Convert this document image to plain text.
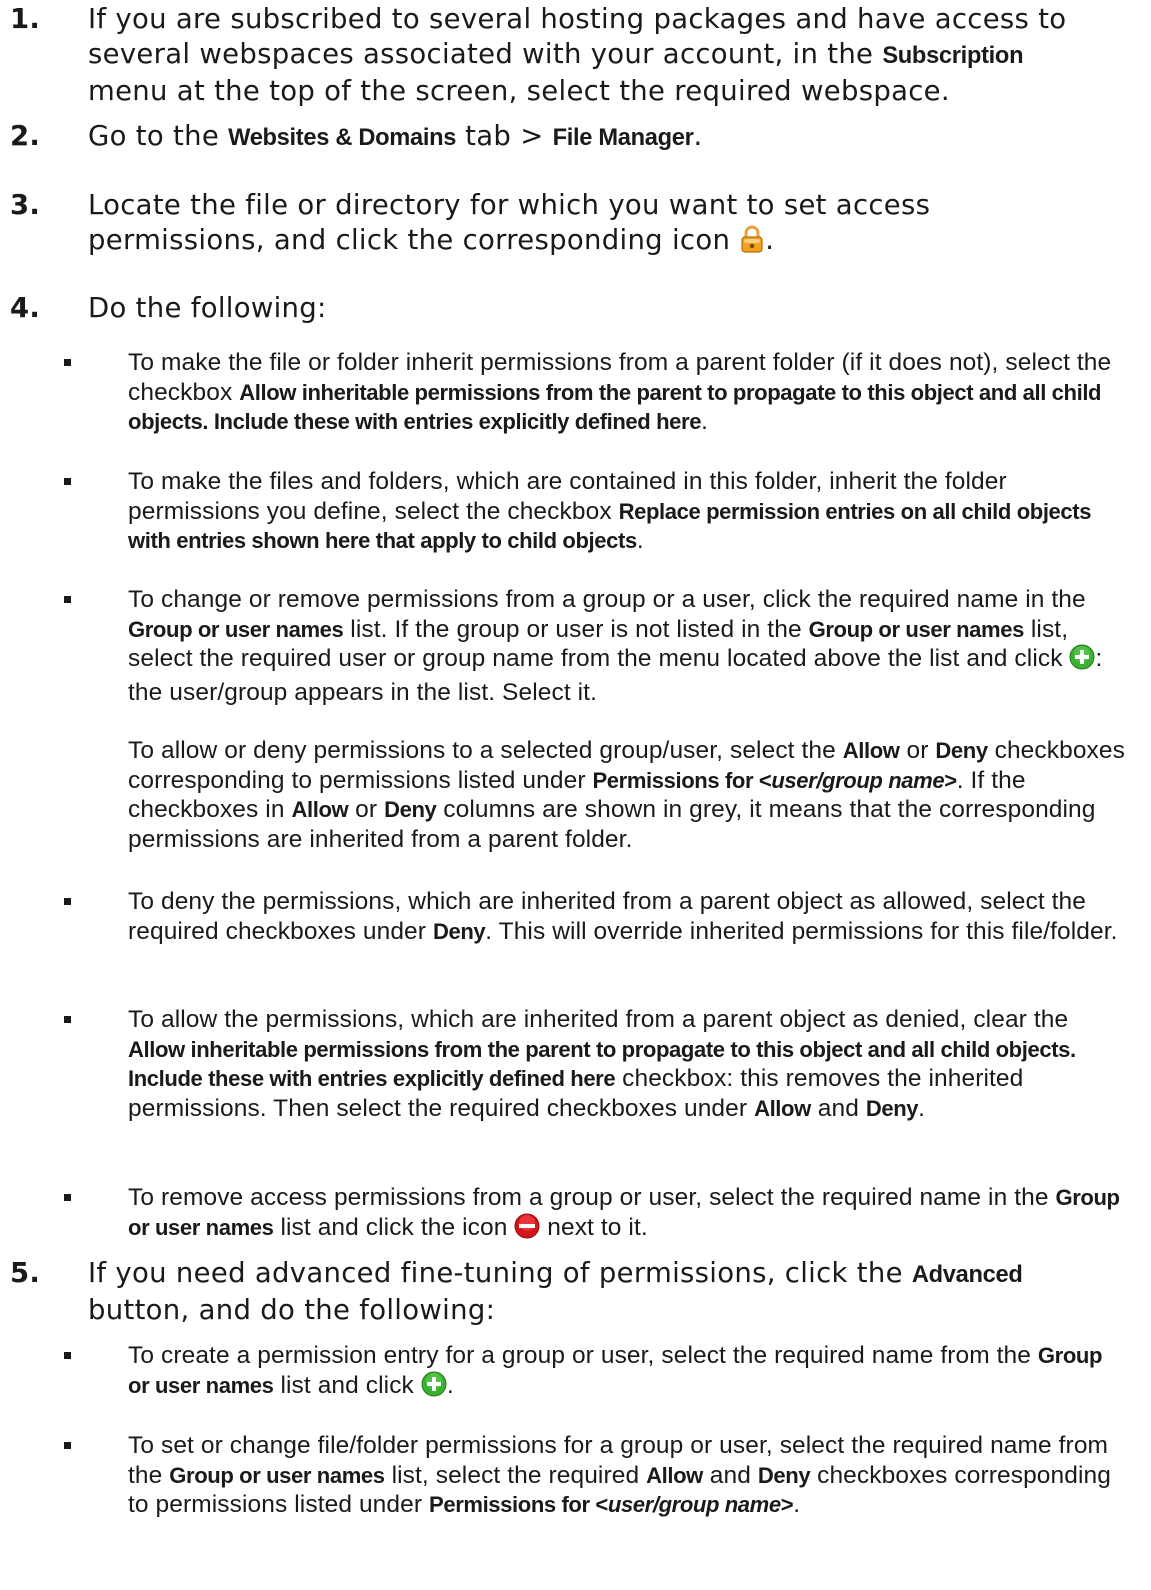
1.	If you are subscribed to several hosting packages and have access to several webspaces associated with your account, in the Subscription menu at the top of the screen, select the required webspace.
2.	Go to the Websites & Domains tab > File Manager.
3.	Locate the file or directory for which you want to set access permissions, and click the corresponding icon .
4.	Do the following:
To make the file or folder inherit permissions from a parent folder (if it does not), select the checkbox Allow inheritable permissions from the parent to propagate to this object and all child objects. Include these with entries explicitly defined here.
To make the files and folders, which are contained in this folder, inherit the folder permissions you define, select the checkbox Replace permission entries on all child objects with entries shown here that apply to child objects.
To change or remove permissions from a group or a user, click the required name in the Group or user names list. If the group or user is not listed in the Group or user names list, select the required user or group name from the menu located above the list and click : the user/group appears in the list. Select it.
To allow or deny permissions to a selected group/user, select the Allow or Deny checkboxes corresponding to permissions listed under Permissions for <user/group name>. If the checkboxes in Allow or Deny columns are shown in grey, it means that the corresponding permissions are inherited from a parent folder.
To deny the permissions, which are inherited from a parent object as allowed, select the required checkboxes under Deny. This will override inherited permissions for this file/folder.
To allow the permissions, which are inherited from a parent object as denied, clear the Allow inheritable permissions from the parent to propagate to this object and all child objects. Include these with entries explicitly defined here checkbox: this removes the inherited permissions. Then select the required checkboxes under Allow and Deny.
To remove access permissions from a group or user, select the required name in the Group or user names list and click the icon  next to it.
5.	If you need advanced fine-tuning of permissions, click the Advanced button, and do the following:
To create a permission entry for a group or user, select the required name from the Group or user names list and click .
To set or change file/folder permissions for a group or user, select the required name from the Group or user names list, select the required Allow and Deny checkboxes corresponding to permissions listed under Permissions for <user/group name>.
